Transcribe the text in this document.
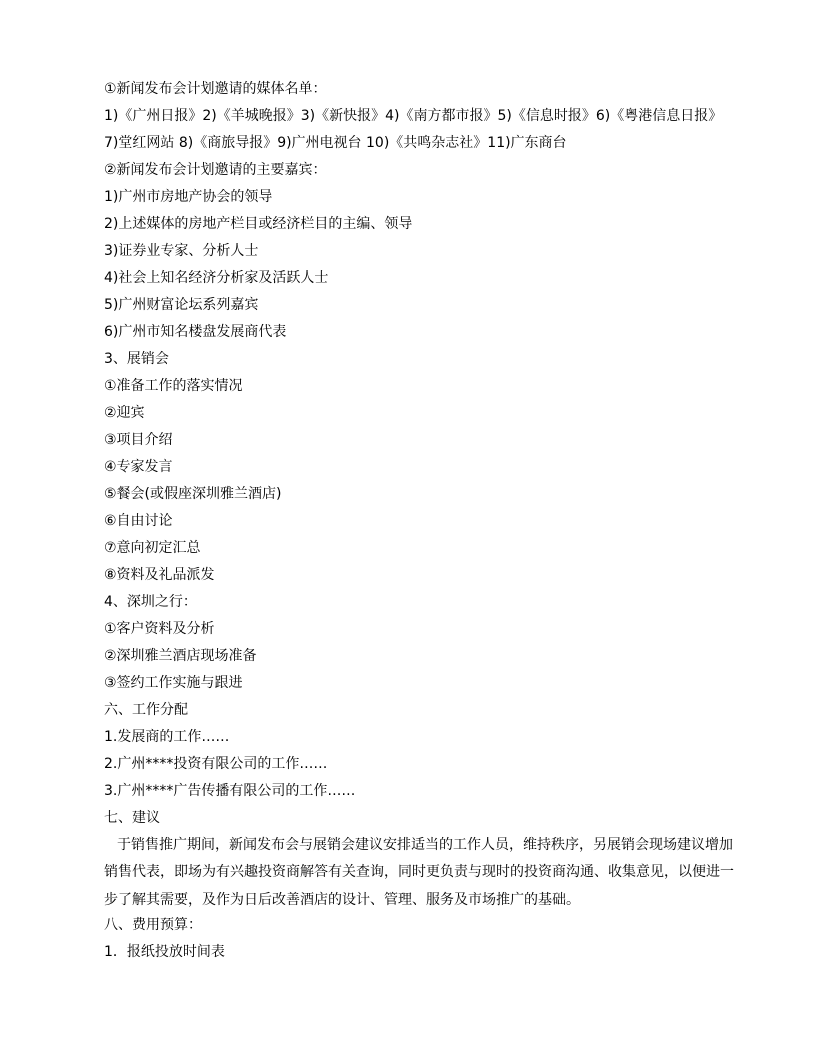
①新闻发布会计划邀请的媒体名单：
1)《广州日报》2)《羊城晚报》3)《新快报》4)《南方都市报》5)《信息时报》6)《粤港信息日报》
7)堂红网站 8)《商旅导报》9)广州电视台 10)《共鸣杂志社》11)广东商台
②新闻发布会计划邀请的主要嘉宾：
1)广州市房地产协会的领导
2)上述媒体的房地产栏目或经济栏目的主编、领导
3)证券业专家、分析人士
4)社会上知名经济分析家及活跃人士
5)广州财富论坛系列嘉宾
6)广州市知名楼盘发展商代表
3、展销会
①准备工作的落实情况
②迎宾
③项目介绍
④专家发言
⑤餐会(或假座深圳雅兰酒店)
⑥自由讨论
⑦意向初定汇总
⑧资料及礼品派发
4、深圳之行：
①客户资料及分析
②深圳雅兰酒店现场准备
③签约工作实施与跟进
六、工作分配
1.发展商的工作……
2.广州****投资有限公司的工作……
3.广州****广告传播有限公司的工作……
七、建议
于销售推广期间，新闻发布会与展销会建议安排适当的工作人员，维持秩序，另展销会现场建议增加销售代表，即场为有兴趣投资商解答有关查询，同时更负责与现时的投资商沟通、收集意见，以便进一步了解其需要，及作为日后改善酒店的设计、管理、服务及市场推广的基础。
八、费用预算：
1．报纸投放时间表
